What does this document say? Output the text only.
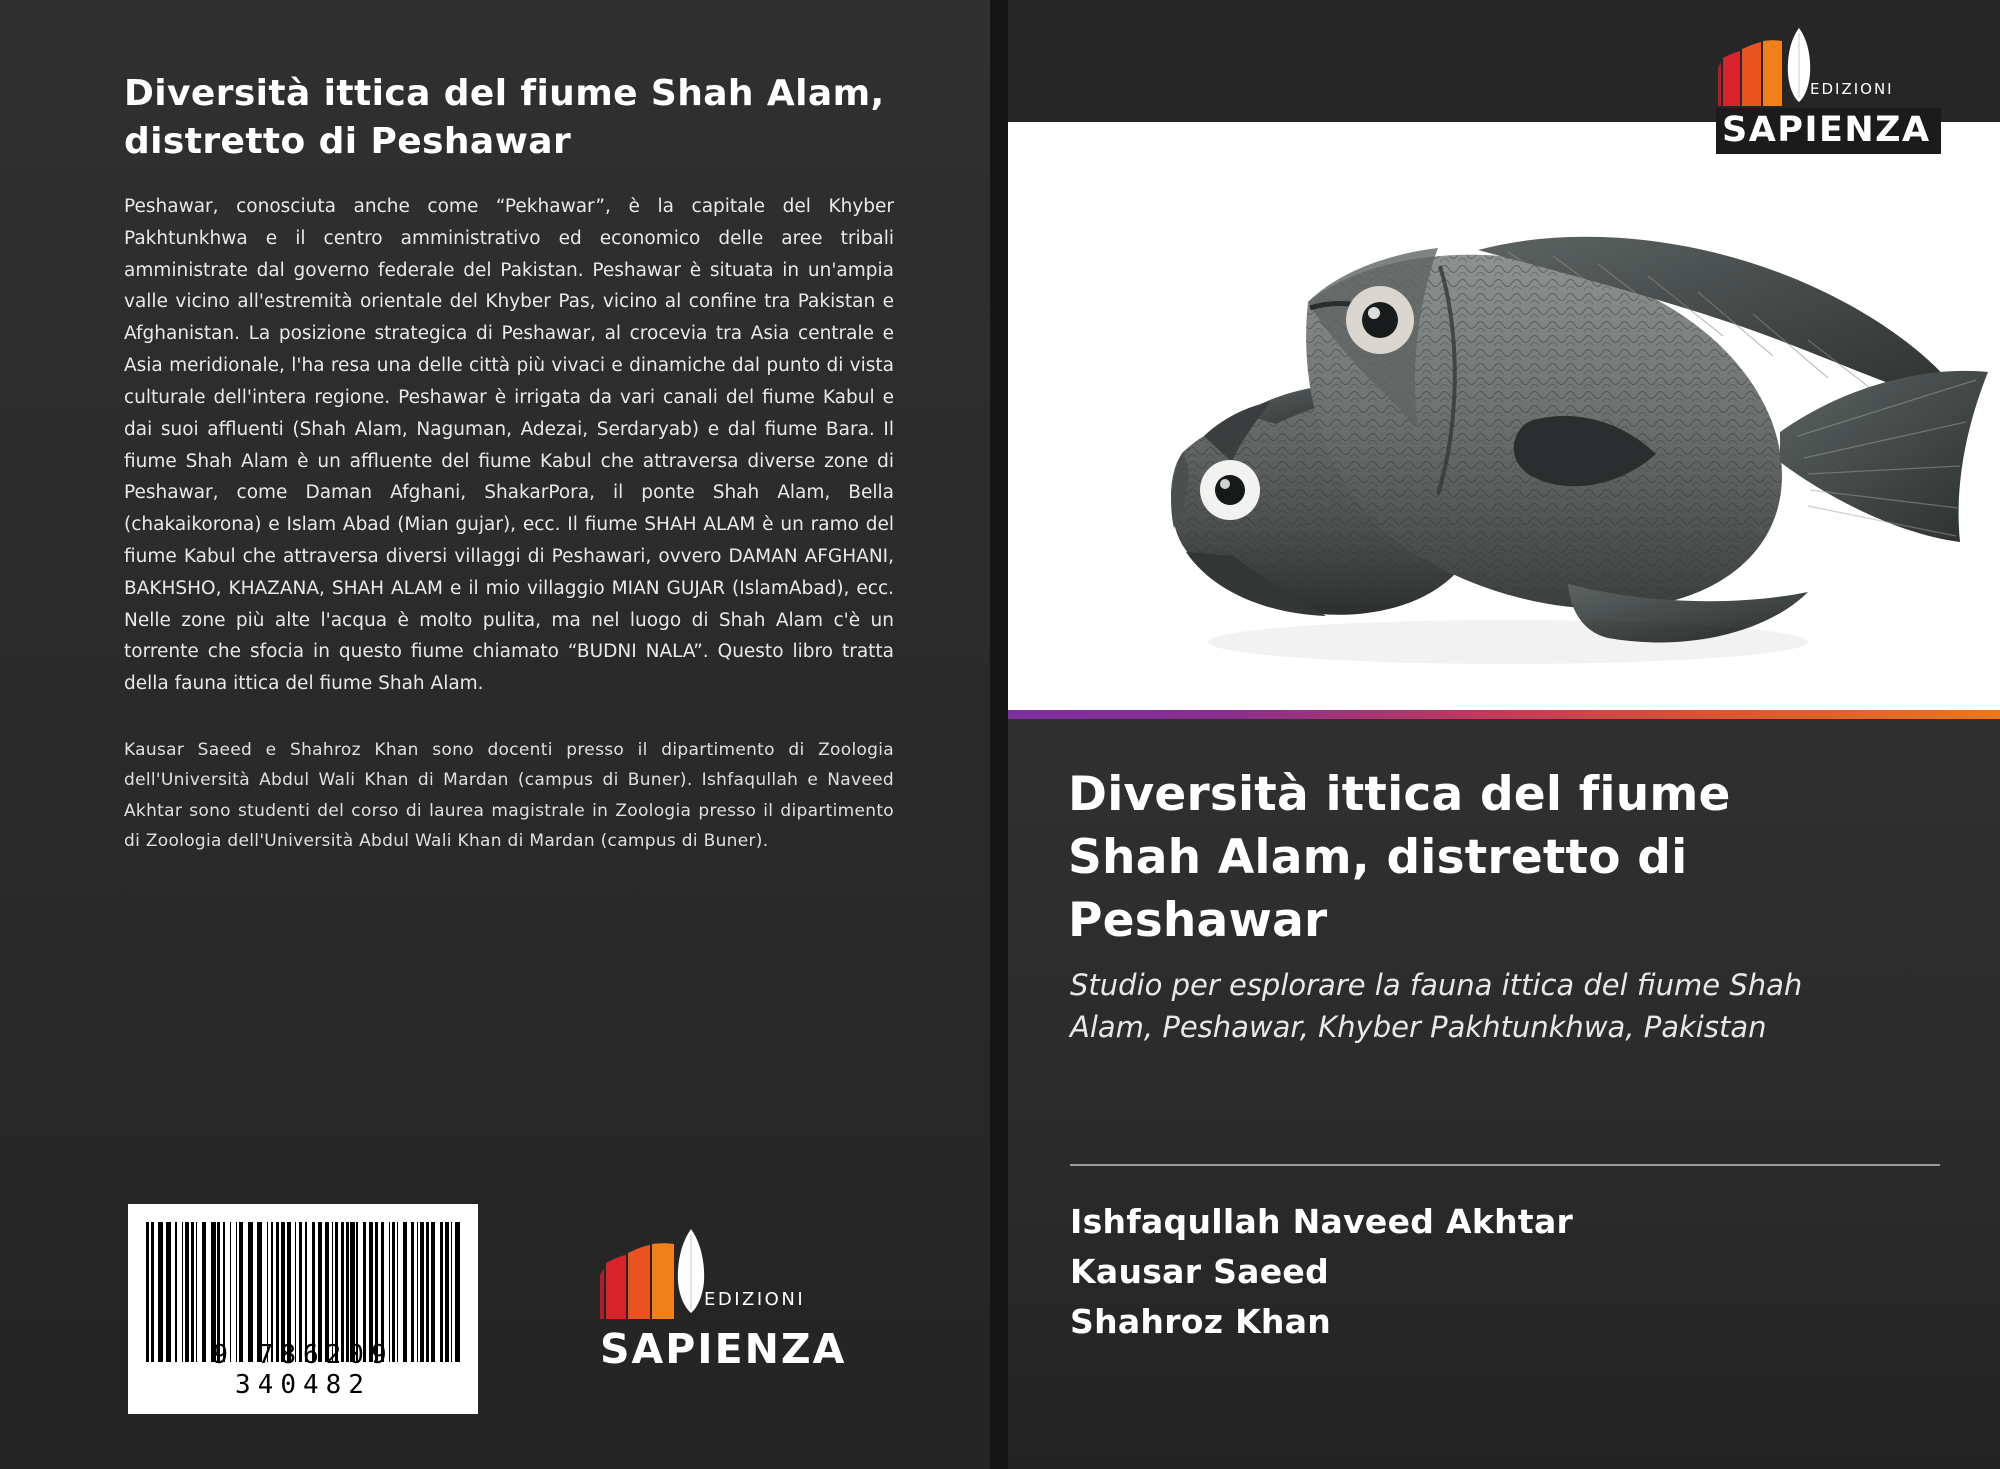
Diversità ittica del fiume Shah Alam, distretto di Peshawar

Peshawar, conosciuta anche come “Pekhawar”, è la capitale del Khyber Pakhtunkhwa e il centro amministrativo ed economico delle aree tribali amministrate dal governo federale del Pakistan. Peshawar è situata in un'ampia valle vicino all'estremità orientale del Khyber Pas, vicino al confine tra Pakistan e Afghanistan. La posizione strategica di Peshawar, al crocevia tra Asia centrale e Asia meridionale, l'ha resa una delle città più vivaci e dinamiche dal punto di vista culturale dell'intera regione. Peshawar è irrigata da vari canali del fiume Kabul e dai suoi affluenti (Shah Alam, Naguman, Adezai, Serdaryab) e dal fiume Bara. Il fiume Shah Alam è un affluente del fiume Kabul che attraversa diverse zone di Peshawar, come Daman Afghani, ShakarPora, il ponte Shah Alam, Bella (chakaikorona) e Islam Abad (Mian gujar), ecc. Il fiume SHAH ALAM è un ramo del fiume Kabul che attraversa diversi villaggi di Peshawari, ovvero DAMAN AFGHANI, BAKHSHO, KHAZANA, SHAH ALAM e il mio villaggio MIAN GUJAR (IslamAbad), ecc. Nelle zone più alte l'acqua è molto pulita, ma nel luogo di Shah Alam c'è un torrente che sfocia in questo fiume chiamato “BUDNI NALA”. Questo libro tratta della fauna ittica del fiume Shah Alam.

Kausar Saeed e Shahroz Khan sono docenti presso il dipartimento di Zoologia dell'Università Abdul Wali Khan di Mardan (campus di Buner). Ishfaqullah e Naveed Akhtar sono studenti del corso di laurea magistrale in Zoologia presso il dipartimento di Zoologia dell'Università Abdul Wali Khan di Mardan (campus di Buner).
9 786209 340482
EDIZIONI
SAPIENZA
EDIZIONI
SAPIENZA
Diversità ittica del fiume Shah Alam, distretto di Peshawar
Studio per esplorare la fauna ittica del fiume Shah Alam, Peshawar, Khyber Pakhtunkhwa, Pakistan
Ishfaqullah Naveed Akhtar
Kausar Saeed
Shahroz Khan
